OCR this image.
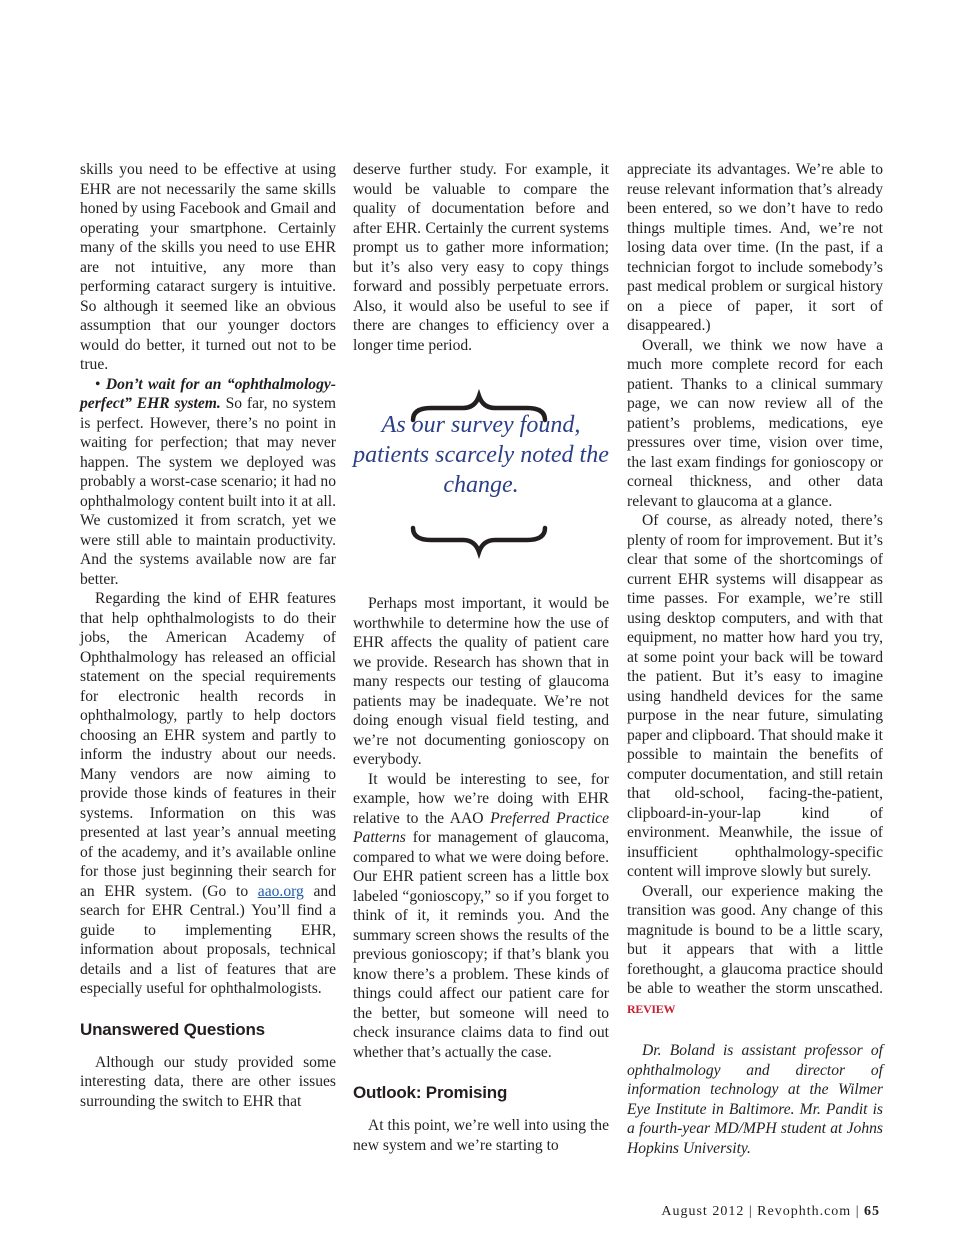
skills you need to be effective at using EHR are not necessarily the same skills honed by using Facebook and Gmail and operating your smartphone. Certainly many of the skills you need to use EHR are not intuitive, any more than performing cataract surgery is intuitive. So although it seemed like an obvious assumption that our younger doctors would do better, it turned out not to be true.

• Don’t wait for an “ophthalmology-perfect” EHR system. So far, no system is perfect. However, there’s no point in waiting for perfection; that may never happen. The system we deployed was probably a worst-case scenario; it had no ophthalmology content built into it at all. We customized it from scratch, yet we were still able to maintain productivity. And the systems available now are far better.

Regarding the kind of EHR features that help ophthalmologists to do their jobs, the American Academy of Ophthalmology has released an official statement on the special requirements for electronic health records in ophthalmology, partly to help doctors choosing an EHR system and partly to inform the industry about our needs. Many vendors are now aiming to provide those kinds of features in their systems. Information on this was presented at last year’s annual meeting of the academy, and it’s available online for those just beginning their search for an EHR system. (Go to aao.org and search for EHR Central.) You’ll find a guide to implementing EHR, information about proposals, technical details and a list of features that are especially useful for ophthalmologists.

Unanswered Questions

Although our study provided some interesting data, there are other issues surrounding the switch to EHR that

deserve further study. For example, it would be valuable to compare the quality of documentation before and after EHR. Certainly the current systems prompt us to gather more information; but it’s also very easy to copy things forward and possibly perpetuate errors. Also, it would also be useful to see if there are changes to efficiency over a longer time period.

As our survey found, patients scarcely noted the change.

Perhaps most important, it would be worthwhile to determine how the use of EHR affects the quality of patient care we provide. Research has shown that in many respects our testing of glaucoma patients may be inadequate. We’re not doing enough visual field testing, and we’re not documenting gonioscopy on everybody.

It would be interesting to see, for example, how we’re doing with EHR relative to the AAO Preferred Practice Patterns for management of glaucoma, compared to what we were doing before. Our EHR patient screen has a little box labeled “gonioscopy,” so if you forget to think of it, it reminds you. And the summary screen shows the results of the previous gonioscopy; if that’s blank you know there’s a problem. These kinds of things could affect our patient care for the better, but someone will need to check insurance claims data to find out whether that’s actually the case.

Outlook: Promising

At this point, we’re well into using the new system and we’re starting to

appreciate its advantages. We’re able to reuse relevant information that’s already been entered, so we don’t have to redo things multiple times. And, we’re not losing data over time. (In the past, if a technician forgot to include somebody’s past medical problem or surgical history on a piece of paper, it sort of disappeared.)

Overall, we think we now have a much more complete record for each patient. Thanks to a clinical summary page, we can now review all of the patient’s problems, medications, eye pressures over time, vision over time, the last exam findings for gonioscopy or corneal thickness, and other data relevant to glaucoma at a glance.

Of course, as already noted, there’s plenty of room for improvement. But it’s clear that some of the shortcomings of current EHR systems will disappear as time passes. For example, we’re still using desktop computers, and with that equipment, no matter how hard you try, at some point your back will be toward the patient. But it’s easy to imagine using handheld devices for the same purpose in the near future, simulating paper and clipboard. That should make it possible to maintain the benefits of computer documentation, and still retain that old-school, facing-the-patient, clipboard-in-your-lap kind of environment. Meanwhile, the issue of insufficient ophthalmology-specific content will improve slowly but surely.

Overall, our experience making the transition was good. Any change of this magnitude is bound to be a little scary, but it appears that with a little forethought, a glaucoma practice should be able to weather the storm unscathed. REVIEW

Dr. Boland is assistant professor of ophthalmology and director of information technology at the Wilmer Eye Institute in Baltimore. Mr. Pandit is a fourth-year MD/MPH student at Johns Hopkins University.

August 2012 | Revophth.com | 65
